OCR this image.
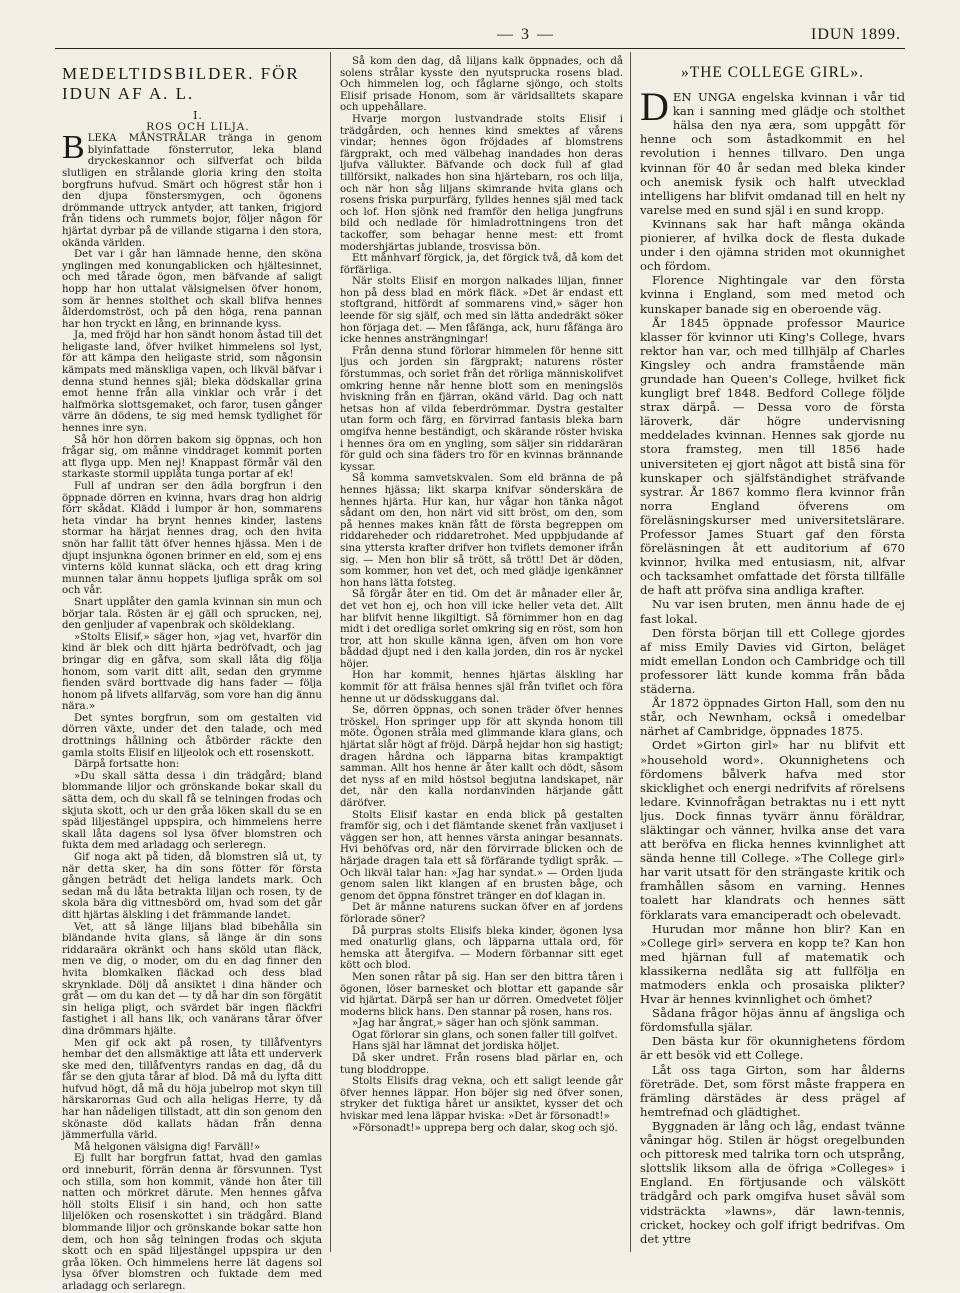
— 3 —	IDUN 1899.
MEDELTIDSBILDER. FÖR IDUN AF A. L.

I.

ROS OCH LILJA.

BLEKA MÅNSTRÅLAR tränga in genom blyinfattade fönsterrutor, leka bland dryckeskannor och silfverfat och bilda slutligen en strålande gloria kring den stolta borgfruns hufvud. Smärt och högrest står hon i den djupa fönstersmygen, och ögonens drömmande uttryck antyder, att tanken, frigjord från tidens och rummets bojor, följer någon för hjärtat dyrbar på de villande stigarna i den stora, okända världen.

Det var i går han lämnade henne, den sköna ynglingen med konungablicken och hjältesinnet, och med tårade ögon, men bäfvande af saligt hopp har hon uttalat välsignelsen öfver honom, som är hennes stolthet och skall blifva hennes ålderdomströst, och på den höga, rena pannan har hon tryckt en lång, en brinnande kyss.

Ja, med fröjd har hon sändt honom åstad till det heligaste land, öfver hvilket himmelens sol lyst, för att kämpa den heligaste strid, som någonsin kämpats med mänskliga vapen, och likväl bäfvar i denna stund hennes själ; bleka dödskallar grina emot henne från alla vinklar och vrår i det halfmörka slottsgemaket, och faror, tusen gånger värre än dödens, te sig med hemsk tydlighet för hennes inre syn.

Så hör hon dörren bakom sig öppnas, och hon frågar sig, om månne vinddraget kommit porten att flyga upp. Men nej! Knappast förmår väl den starkaste stormil upplåta tunga portar af ek!

Full af undran ser den ädla borgfrun i den öppnade dörren en kvinna, hvars drag hon aldrig förr skådat. Klädd i lumpor är hon, sommarens heta vindar ha brynt hennes kinder, lastens stormar ha härjat hennes drag, och den hvita snön har fallit tätt öfver hennes hjässa. Men i de djupt insjunkna ögonen brinner en eld, som ej ens vinterns köld kunnat släcka, och ett drag kring munnen talar ännu hoppets ljufliga språk om sol och vår.

Snart upplåter den gamla kvinnan sin mun och börjar tala. Rösten är ej gäll och sprucken, nej, den genljuder af vapenbrak och sköldeklang.

»Stolts Elisif,» säger hon, »jag vet, hvarför din kind är blek och ditt hjärta bedröfvadt, och jag bringar dig en gåfva, som skall låta dig följa honom, som varit ditt allt, sedan den grymme fienden svärd borttvade dig hans fader — följa honom på lifvets allfarväg, som vore han dig ännu nära.»

Det syntes borgfrun, som om gestalten vid dörren växte, under det den talade, och med drottnings hållning och åtbörder räckte den gamla stolts Elisif en liljeolok och ett rosenskott.

Därpå fortsatte hon:

»Du skall sätta dessa i din trädgård; bland blommande liljor och grönskande bokar skall du sätta dem, och du skall få se telningen frodas och skjuta skott, och ur den gråa löken skall du se en späd liljestängel uppspira, och himmelens herre skall låta dagens sol lysa öfver blomstren och fukta dem med arladagg och serleregn.

Gif noga akt på tiden, då blomstren slå ut, ty när detta sker, ha din sons fötter för första gången beträdt det heliga landets mark. Och sedan må du låta betrakta liljan och rosen, ty de skola bära dig vittnesbörd om, hvad som det går ditt hjärtas älskling i det främmande landet.

Vet, att så länge liljans blad bibehålla sin bländande hvita glans, så länge är din sons riddaraära okränkt och hans sköld utan fläck, men ve dig, o moder, om du en dag finner den hvita blomkalken fläckad och dess blad skrynklade. Dölj då ansiktet i dina händer och gråt — om du kan det — ty då har din son förgätit sin heliga pligt, och svärdet bär ingen fläckfri fastighet i all hans lik, och vanärans tårar öfver dina drömmars hjälte.

Men gif ock akt på rosen, ty tillåfventyrs hembar det den allsmäktige att låta ett underverk ske med den, tillåfventyrs randas en dag, då du får se den gjuta tårar af blod. Då må du lyfta ditt hufvud högt, då må du höja jubelrop mot skyn till härskarornas Gud och alla heligas Herre, ty då har han nådeligen tillstadt, att din son genom den skönaste död kallats hädan från denna jämmerfulla värld.

Må helgonen välsigna dig! Farväll!»

Ej fullt har borgfrun fattat, hvad den gamlas ord inneburit, förrän denna är försvunnen. Tyst och stilla, som hon kommit, vände hon åter till natten och mörkret därute. Men hennes gåfva höll stolts Elisif i sin hand, och hon satte liljelöken och rosenskottet i sin trädgård. Bland blommande liljor och grönskande bokar satte hon dem, och hon såg telningen frodas och skjuta skott och en späd liljestängel uppspira ur den gråa löken. Och himmelens herre lät dagens sol lysa öfver blomstren och fuktade dem med arladagg och serlaregn.

Så kom den dag, då liljans kalk öppnades, och då solens strålar kysste den nyutsprucka rosens blad. Och himmelen log, och fåglarne sjöngo, och stolts Elisif prisade Honom, som är världsalltets skapare och uppehållare.

Hvarje morgon lustvandrade stolts Elisif i trädgården, och hennes kind smektes af vårens vindar; hennes ögon fröjdades af blomstrens färgprakt, och med välbehag inandades hon deras ljufva vällukter. Bäfvande och dock full af glad tillförsikt, nalkades hon sina hjärtebarn, ros och lilja, och när hon såg liljans skimrande hvita glans och rosens friska purpurfärg, fylldes hennes själ med tack och lof. Hon sjönk ned framför den heliga jungfruns bild och nedlade för himladrottningens tron det tackoffer, som behagar henne mest: ett fromt modershjärtas jublande, trosvissa bön.

Ett månhvarf förgick, ja, det förgick två, då kom det förfärliga.

När stolts Elisif en morgon nalkades liljan, finner hon på dess blad en mörk fläck. »Det är endast ett stoftgrand, hitfördt af sommarens vind,» säger hon leende för sig själf, och med sin lätta andedräkt söker hon förjaga det. — Men fåfänga, ack, huru fåfänga äro icke hennes ansträngningar!

Från denna stund förlorar himmelen för henne sitt ljus och jorden sin färgprakt; naturens röster förstummas, och sorlet från det rörliga människolifvet omkring henne når henne blott som en meningslös hviskning från en fjärran, okänd värld. Dag och natt hetsas hon af vilda feberdrömmar. Dystra gestalter utan form och färg, en förvirrad fantasis bleka barn omgifva henne beständigt, och skärande röster hviska i hennes öra om en yngling, som säljer sin riddaräran för guld och sina fäders tro för en kvinnas brännande kyssar.

Så komma samvetskvalen. Som eld bränna de på hennes hjässa; likt skarpa knifvar sönderskära de hennes hjärta. Hur kan, hur vågar hon tänka något sådant om den, hon närt vid sitt bröst, om den, som på hennes makes knän fått de första begreppen om riddareheder och riddaretrohet. Med uppbjudande af sina yttersta krafter drifver hon tviflets demoner ifrån sig. — Men hon blir så trött, så trött! Det är döden, som kommer, hon vet det, och med glädje igenkänner hon hans lätta fotsteg.

Så förgår åter en tid. Om det är månader eller år, det vet hon ej, och hon vill icke heller veta det. Allt har blifvit henne likgiltigt. Så förnimmer hon en dag midt i det oredliga sorlet omkring sig en röst, som hon tror, att hon skulle känna igen, äfven om hon vore båddad djupt ned i den kalla jorden, din ros är nyckel höjer.

Hon har kommit, hennes hjärtas älskling har kommit för att frälsa hennes själ från tviflet och föra henne ut ur dödsskuggans dal.

Se, dörren öppnas, och sonen träder öfver hennes tröskel. Hon springer upp för att skynda honom till möte. Ögonen stråla med glimmande klara glans, och hjärtat slår högt af fröjd. Därpå hejdar hon sig hastigt; dragen hårdna och läpparna bitas krampaktigt samman. Allt hos henne är åter kallt och dödt, såsom det nyss af en mild höstsol begjutna landskapet, när det, när den kalla nordanvinden härjande gått däröfver.

Stolts Elisif kastar en enda blick på gestalten framför sig, och i det flämtande skenet från vaxljuset i väggen ser hon, att hennes värsta aningar besannats. Hvi behöfvas ord, när den förvirrade blicken och de härjade dragen tala ett så förfärande tydligt språk. — Och likväl talar han: »Jag har syndat.» — Orden ljuda genom salen likt klangen af en brusten båge, och genom det öppna fönstret tränger en dof klagan in.

Det är månne naturens suckan öfver en af jordens förlorade söner?

Då purpras stolts Elisifs bleka kinder, ögonen lysa med onaturlig glans, och läpparna uttala ord, för hemska att återgifva. — Modern förbannar sitt eget kött och blod.

Men sonen råtar på sig. Han ser den bittra tåren i ögonen, löser barnesket och blottar ett gapande sår vid hjärtat. Därpå ser han ur dörren. Omedvetet följer moderns blick hans. Den stannar på rosen, hans ros.

»Jag har ångrat,» säger han och sjönk samman.

Ogat förlorar sin glans, och sonen faller till golfvet.

Hans själ har lämnat det jordiska höljet.

Då sker undret. Från rosens blad pärlar en, och tung bloddroppe.

Stolts Elisifs drag vekna, och ett saligt leende går öfver hennes läppar. Hon böjer sig ned öfver sonen, stryker det fuktiga håret ur ansiktet, kysser det och hviskar med lena läppar hviska: »Det är försonadt!»

»Försonadt!» upprepa berg och dalar, skog och sjö.

»THE COLLEGE GIRL».

DEN UNGA engelska kvinnan i vår tid kan i sanning med glädje och stolthet hälsa den nya æra, som uppgått för henne och som åstadkommit en hel revolution i hennes tillvaro. Den unga kvinnan för 40 år sedan med bleka kinder och anemisk fysik och halft utvecklad intelligens har blifvit omdanad till en helt ny varelse med en sund själ i en sund kropp.

Kvinnans sak har haft många okända pionierer, af hvilka dock de flesta dukade under i den ojämna striden mot okunnighet och fördom.

Florence Nightingale var den första kvinna i England, som med metod och kunskaper banade sig en oberoende väg.

År 1845 öppnade professor Maurice klasser för kvinnor uti King's College, hvars rektor han var, och med tillhjälp af Charles Kingsley och andra framstående män grundade han Queen's College, hvilket fick kungligt bref 1848. Bedford College följde strax därpå. — Dessa voro de första läroverk, där högre undervisning meddelades kvinnan. Hennes sak gjorde nu stora framsteg, men till 1856 hade universiteten ej gjort något att bistå sina för kunskaper och själfständighet sträfvande systrar. År 1867 kommo flera kvinnor från norra England öfverens om föreläsningskurser med universitetslärare. Professor James Stuart gaf den första föreläsningen åt ett auditorium af 670 kvinnor, hvilka med entusiasm, nit, alfvar och tacksamhet omfattade det första tillfälle de haft att pröfva sina andliga krafter.

Nu var isen bruten, men ännu hade de ej fast lokal.

Den första början till ett College gjordes af miss Emily Davies vid Girton, beläget midt emellan London och Cambridge och till professorer lätt kunde komma från båda städerna.

År 1872 öppnades Girton Hall, som den nu står, och Newnham, också i omedelbar närhet af Cambridge, öppnades 1875.

Ordet »Girton girl» har nu blifvit ett »household word». Okunnighetens och fördomens bålverk hafva med stor skicklighet och energi nedrifvits af rörelsens ledare. Kvinnofrågan betraktas nu i ett nytt ljus. Dock finnas tyvärr ännu föräldrar, släktingar och vänner, hvilka anse det vara att beröfva en flicka hennes kvinnlighet att sända henne till College. »The College girl» har varit utsatt för den strängaste kritik och framhållen såsom en varning. Hennes toalett har klandrats och hennes sätt förklarats vara emanciperadt och obelevadt.

Hurudan mor månne hon blir? Kan en »College girl» servera en kopp te? Kan hon med hjärnan full af matematik och klassikerna nedlåta sig att fullfölja en matmoders enkla och prosaiska plikter? Hvar är hennes kvinnlighet och ömhet?

Sådana frågor höjas ännu af ängsliga och fördomsfulla själar.

Den bästa kur för okunnighetens fördom är ett besök vid ett College.

Låt oss taga Girton, som har ålderns företräde. Det, som först måste frappera en främling därstädes är dess prägel af hemtrefnad och glädtighet.

Byggnaden är lång och låg, endast tvänne våningar hög. Stilen är högst oregelbunden och pittoresk med talrika torn och utsprång, slottslik liksom alla de öfriga »Colleges» i England. En förtjusande och välskött trädgård och park omgifva huset såväl som vidsträckta »lawns», där lawn-tennis, cricket, hockey och golf ifrigt bedrifvas. Om det yttre
